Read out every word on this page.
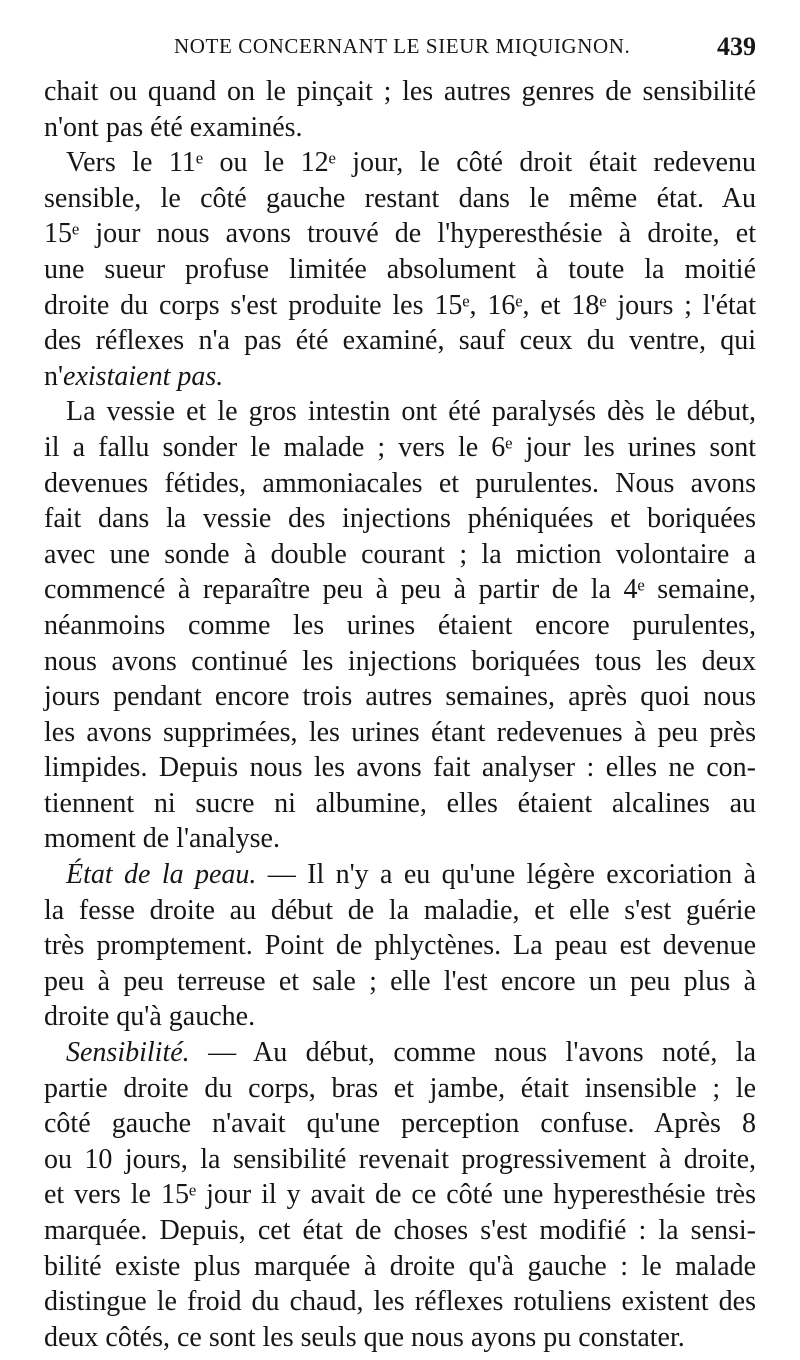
NOTE CONCERNANT LE SIEUR MIQUIGNON.	439
chait ou quand on le pinçait ; les autres genres de sensibilité
n'ont pas été examinés.
Vers le 11ᵉ ou le 12ᵉ jour, le côté droit était redevenu
sensible, le côté gauche restant dans le même état. Au
15ᵉ jour nous avons trouvé de l'hyperesthésie à droite, et
une sueur profuse limitée absolument à toute la moitié
droite du corps s'est produite les 15ᵉ, 16ᵉ, et 18ᵉ jours ; l'état
des réflexes n'a pas été examiné, sauf ceux du ventre, qui
n'existaient pas.
La vessie et le gros intestin ont été paralysés dès le début,
il a fallu sonder le malade ; vers le 6ᵉ jour les urines sont
devenues fétides, ammoniacales et purulentes. Nous avons
fait dans la vessie des injections phéniquées et boriquées
avec une sonde à double courant ; la miction volontaire a
commencé à reparaître peu à peu à partir de la 4ᵉ semaine,
néanmoins comme les urines étaient encore purulentes,
nous avons continué les injections boriquées tous les deux
jours pendant encore trois autres semaines, après quoi nous
les avons supprimées, les urines étant redevenues à peu près
limpides. Depuis nous les avons fait analyser : elles ne con-
tiennent ni sucre ni albumine, elles étaient alcalines au
moment de l'analyse.
État de la peau. — Il n'y a eu qu'une légère excoriation à
la fesse droite au début de la maladie, et elle s'est guérie
très promptement. Point de phlyctènes. La peau est devenue
peu à peu terreuse et sale ; elle l'est encore un peu plus à
droite qu'à gauche.
Sensibilité. — Au début, comme nous l'avons noté, la
partie droite du corps, bras et jambe, était insensible ; le
côté gauche n'avait qu'une perception confuse. Après 8
ou 10 jours, la sensibilité revenait progressivement à droite,
et vers le 15ᵉ jour il y avait de ce côté une hyperesthésie très
marquée. Depuis, cet état de choses s'est modifié : la sensi-
bilité existe plus marquée à droite qu'à gauche : le malade
distingue le froid du chaud, les réflexes rotuliens existent des
deux côtés, ce sont les seuls que nous ayons pu constater.
